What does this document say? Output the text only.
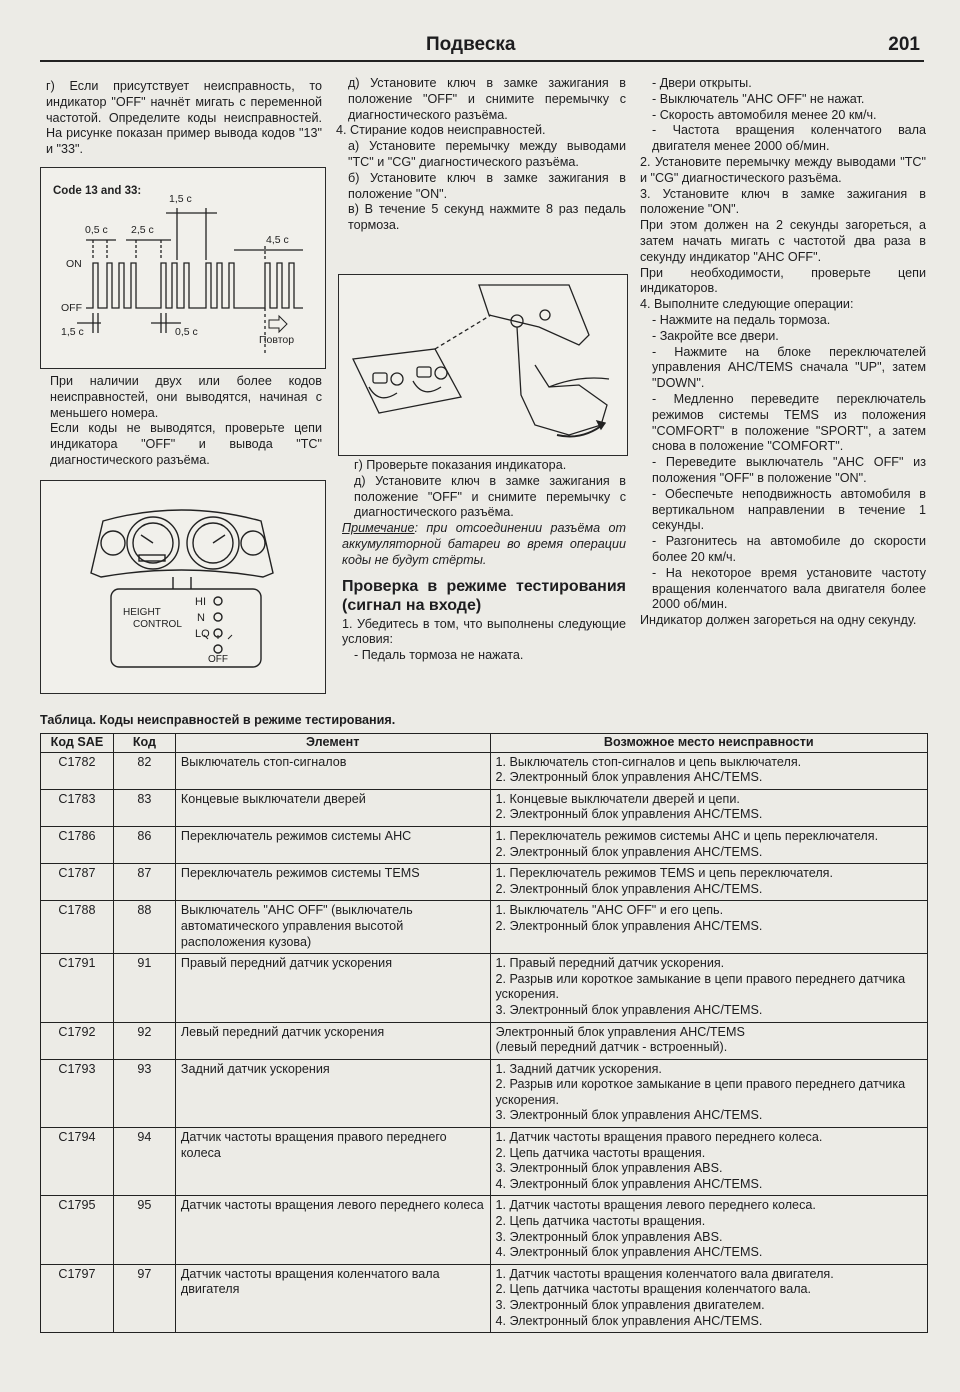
Подвеска	201

г) Если присутствует неисправность, то индикатор "OFF" начнёт мигать с переменной частотой. Определите коды неисправностей. На рисунке показан пример вывода кодов "13" и "33".

Code 13 and 33:
1,5 c
0,5 c 2,5 c
4,5 c
ON
OFF
1,5 c	0,5 c
Повтор

При наличии двух или более кодов неисправностей, они выводятся, начиная с меньшего номера.

Если коды не выводятся, проверьте цепи индикатора "OFF" и вывода "TC" диагностического разъёма.

HI
N
LO
HEIGHT
CONTROL
OFF

д) Установите ключ в замке зажигания в положение "OFF" и снимите перемычку с диагностического разъёма.

4. Стирание кодов неисправностей.

а) Установите перемычку между выводами "TC" и "CG" диагностического разъёма.

б) Установите ключ в замке зажигания в положение "ON".

в) В течение 5 секунд нажмите 8 раз педаль тормоза.

г) Проверьте показания индикатора.

д) Установите ключ в замке зажигания в положение "OFF" и снимите перемычку с диагностического разъёма.

Примечание: при отсоединении разъёма от аккумуляторной батареи во время операции коды не будут стёрты.

Проверка в режиме тестирования (сигнал на входе)

1. Убедитесь в том, что выполнены следующие условия:

- Педаль тормоза не нажата.

- Двери открыты.

- Выключатель "AHC OFF" не нажат.

- Скорость автомобиля менее 20 км/ч.

- Частота вращения коленчатого вала двигателя менее 2000 об/мин.

2. Установите перемычку между выводами "TC" и "CG" диагностического разъёма.

3. Установите ключ в замке зажигания в положение "ON".

При этом должен на 2 секунды загореться, а затем начать мигать с частотой два раза в секунду индикатор "AHC OFF".

При необходимости, проверьте цепи индикаторов.

4. Выполните следующие операции:

- Нажмите на педаль тормоза.

- Закройте все двери.

- Нажмите на блоке переключателей управления AHC/TEMS сначала "UP", затем "DOWN".

- Медленно переведите переключатель режимов системы TEMS из положения "COMFORT" в положение "SPORT", а затем снова в положение "COMFORT".

- Переведите выключатель "AHC OFF" из положения "OFF" в положение "ON".

- Обеспечьте неподвижность автомобиля в вертикальном направлении в течение 1 секунды.

- Разгонитесь на автомобиле до скорости более 20 км/ч.

- На некоторое время установите частоту вращения коленчатого вала двигателя более 2000 об/мин.

Индикатор должен загореться на одну секунду.

Таблица. Коды неисправностей в режиме тестирования.
Код SAE	Код	Элемент	Возможное место неисправности

C1782	82	Выключатель стоп-сигналов	1. Выключатель стоп-сигналов и цепь выключателя.
2. Электронный блок управления AHC/TEMS.

C1783	83	Концевые выключатели дверей	1. Концевые выключатели дверей и цепи.
2. Электронный блок управления AHC/TEMS.

C1786	86	Переключатель режимов системы AHC	1. Переключатель режимов системы AHC и цепь переключателя.
2. Электронный блок управления AHC/TEMS.

C1787	87	Переключатель режимов системы TEMS	1. Переключатель режимов TEMS и цепь переключателя.
2. Электронный блок управления AHC/TEMS.

C1788	88	Выключатель "AHC OFF" (выключатель автоматического управления высотой расположения кузова)	1. Выключатель "AHC OFF" и его цепь.
2. Электронный блок управления AHC/TEMS.

C1791	91	Правый передний датчик ускорения	1. Правый передний датчик ускорения.
2. Разрыв или короткое замыкание в цепи правого переднего датчика ускорения.
3. Электронный блок управления AHC/TEMS.

C1792	92	Левый передний датчик ускорения	Электронный блок управления AHC/TEMS
(левый передний датчик - встроенный).

C1793	93	Задний датчик ускорения	1. Задний датчик ускорения.
2. Разрыв или короткое замыкание в цепи правого переднего датчика ускорения.
3. Электронный блок управления AHC/TEMS.

C1794	94	Датчик частоты вращения правого переднего колеса	1. Датчик частоты вращения правого переднего колеса.
2. Цепь датчика частоты вращения.
3. Электронный блок управления ABS.
4. Электронный блок управления AHC/TEMS.

C1795	95	Датчик частоты вращения левого переднего колеса	1. Датчик частоты вращения левого переднего колеса.
2. Цепь датчика частоты вращения.
3. Электронный блок управления ABS.
4. Электронный блок управления AHC/TEMS.

C1797	97	Датчик частоты вращения коленчатого вала двигателя	1. Датчик частоты вращения коленчатого вала двигателя.
2. Цепь датчика частоты вращения коленчатого вала.
3. Электронный блок управления двигателем.
4. Электронный блок управления AHC/TEMS.
